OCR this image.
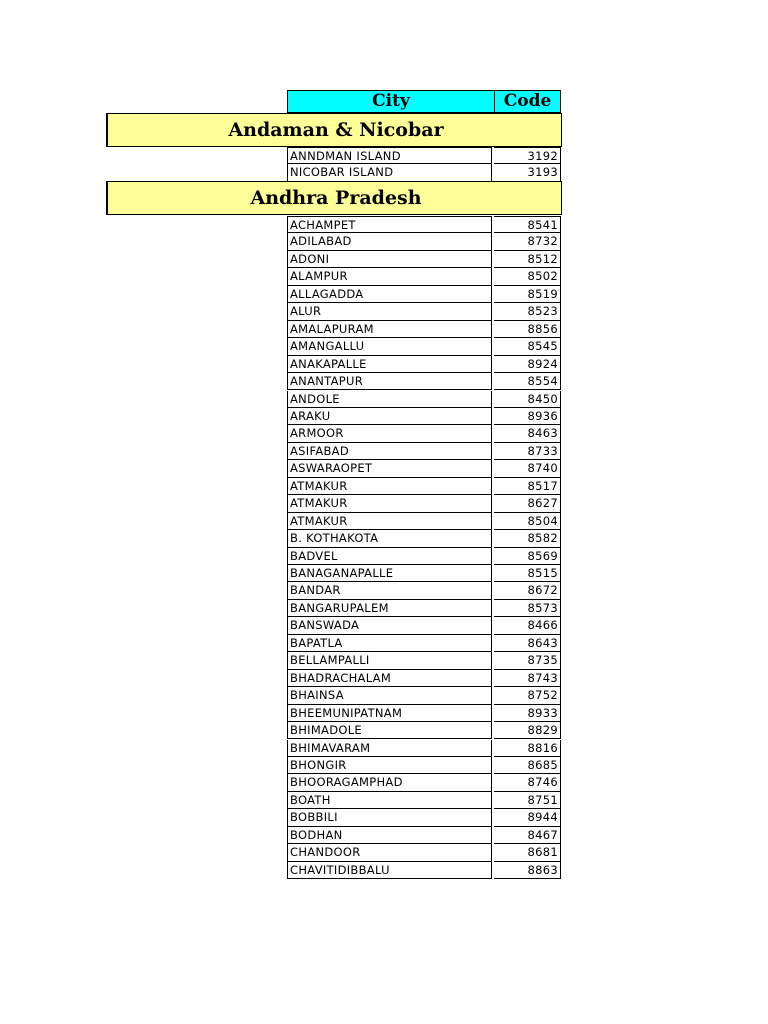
City	Code
Andaman & Nicobar
ANNDMAN ISLAND	3192
NICOBAR ISLAND	3193
Andhra Pradesh
ACHAMPET	8541
ADILABAD	8732
ADONI	8512
ALAMPUR	8502
ALLAGADDA	8519
ALUR	8523
AMALAPURAM	8856
AMANGALLU	8545
ANAKAPALLE	8924
ANANTAPUR	8554
ANDOLE	8450
ARAKU	8936
ARMOOR	8463
ASIFABAD	8733
ASWARAOPET	8740
ATMAKUR	8517
ATMAKUR	8627
ATMAKUR	8504
B. KOTHAKOTA	8582
BADVEL	8569
BANAGANAPALLE	8515
BANDAR	8672
BANGARUPALEM	8573
BANSWADA	8466
BAPATLA	8643
BELLAMPALLI	8735
BHADRACHALAM	8743
BHAINSA	8752
BHEEMUNIPATNAM	8933
BHIMADOLE	8829
BHIMAVARAM	8816
BHONGIR	8685
BHOORAGAMPHAD	8746
BOATH	8751
BOBBILI	8944
BODHAN	8467
CHANDOOR	8681
CHAVITIDIBBALU	8863
